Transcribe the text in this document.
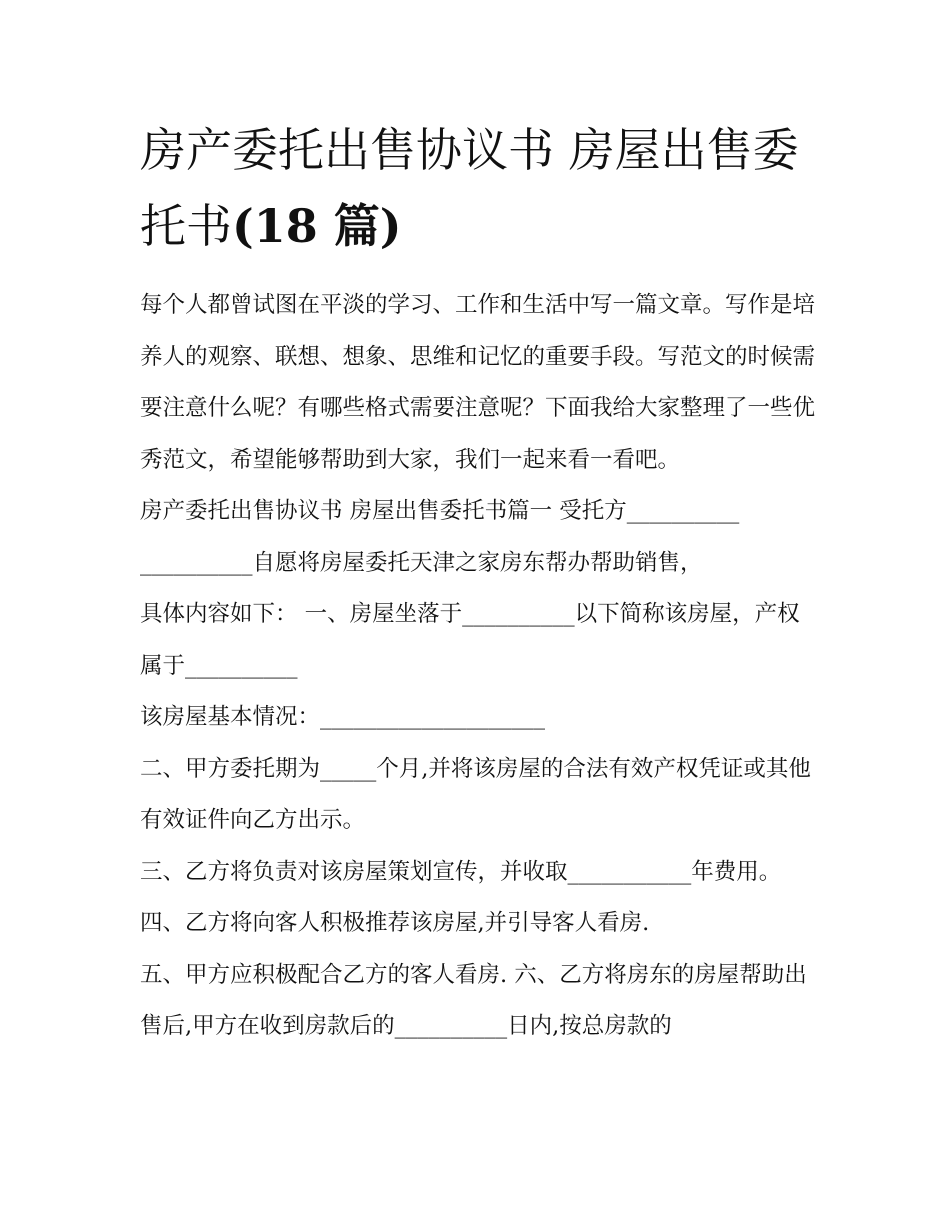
房产委托出售协议书 房屋出售委托书(18 篇)

每个人都曾试图在平淡的学习、工作和生活中写一篇文章。写作是培养人的观察、联想、想象、思维和记忆的重要手段。写范文的时候需要注意什么呢？有哪些格式需要注意呢？下面我给大家整理了一些优秀范文，希望能够帮助到大家，我们一起来看一看吧。

房产委托出售协议书 房屋出售委托书篇一 受托方__________

__________自愿将房屋委托天津之家房东帮办帮助销售，

具体内容如下： 一、房屋坐落于__________以下简称该房屋，产权属于__________

该房屋基本情况：____________________

二、甲方委托期为_____个月,并将该房屋的合法有效产权凭证或其他有效证件向乙方出示。

三、乙方将负责对该房屋策划宣传，并收取___________年费用。 四、乙方将向客人积极推荐该房屋,并引导客人看房.

五、甲方应积极配合乙方的客人看房. 六、乙方将房东的房屋帮助出售后,甲方在收到房款后的__________日内,按总房款的
